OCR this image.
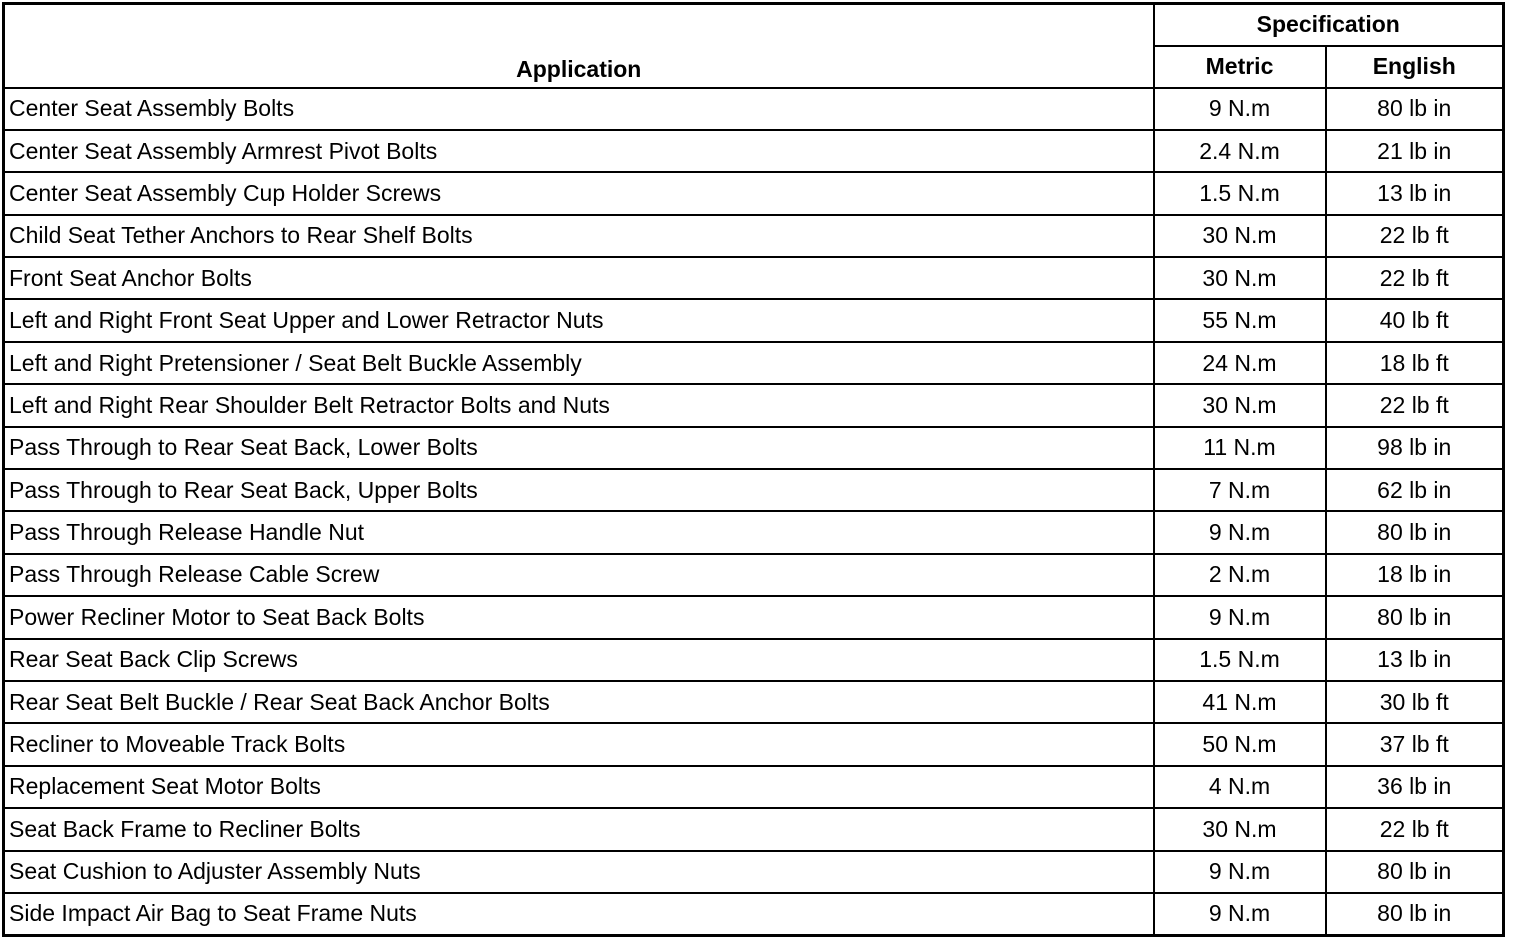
Application	Specification	
	Metric	English
Center Seat Assembly Bolts	9 N.m	80 lb in
Center Seat Assembly Armrest Pivot Bolts	2.4 N.m	21 lb in
Center Seat Assembly Cup Holder Screws	1.5 N.m	13 lb in
Child Seat Tether Anchors to Rear Shelf Bolts	30 N.m	22 lb ft
Front Seat Anchor Bolts	30 N.m	22 lb ft
Left and Right Front Seat Upper and Lower Retractor Nuts	55 N.m	40 lb ft
Left and Right Pretensioner / Seat Belt Buckle Assembly	24 N.m	18 lb ft
Left and Right Rear Shoulder Belt Retractor Bolts and Nuts	30 N.m	22 lb ft
Pass Through to Rear Seat Back, Lower Bolts	11 N.m	98 lb in
Pass Through to Rear Seat Back, Upper Bolts	7 N.m	62 lb in
Pass Through Release Handle Nut	9 N.m	80 lb in
Pass Through Release Cable Screw	2 N.m	18 lb in
Power Recliner Motor to Seat Back Bolts	9 N.m	80 lb in
Rear Seat Back Clip Screws	1.5 N.m	13 lb in
Rear Seat Belt Buckle / Rear Seat Back Anchor Bolts	41 N.m	30 lb ft
Recliner to Moveable Track Bolts	50 N.m	37 lb ft
Replacement Seat Motor Bolts	4 N.m	36 lb in
Seat Back Frame to Recliner Bolts	30 N.m	22 lb ft
Seat Cushion to Adjuster Assembly Nuts	9 N.m	80 lb in
Side Impact Air Bag to Seat Frame Nuts	9 N.m	80 lb in
